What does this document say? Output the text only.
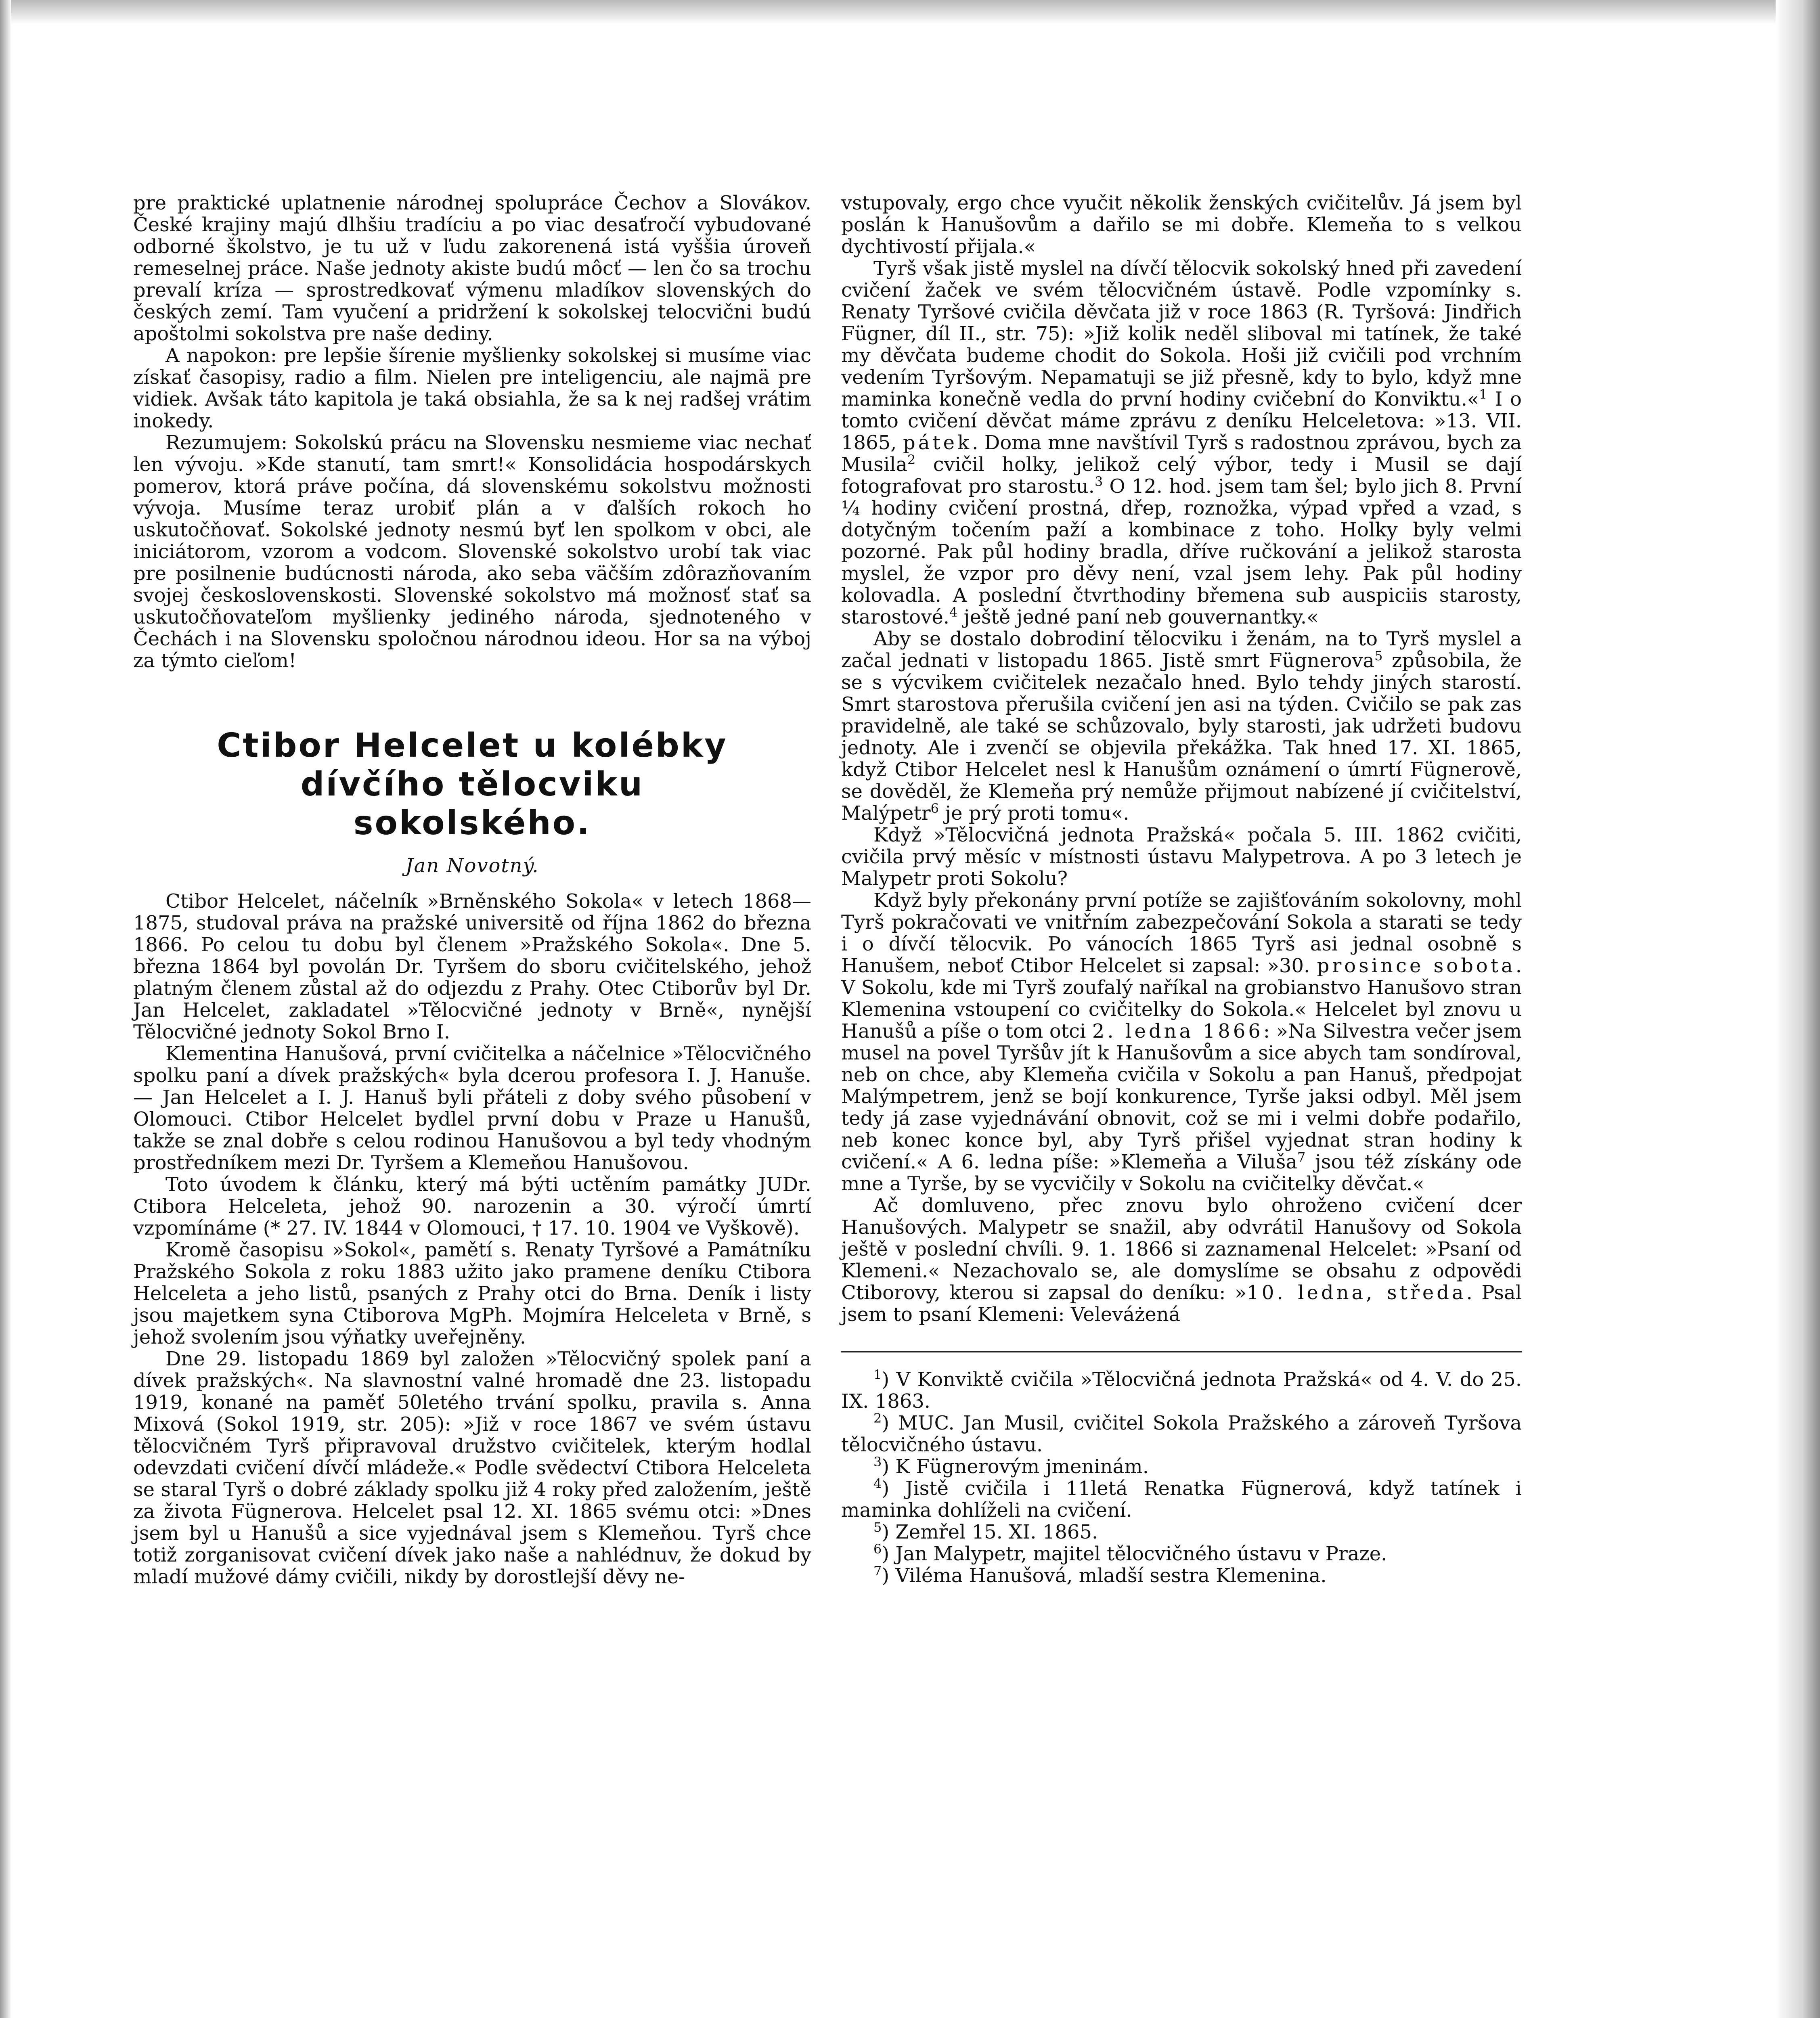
pre praktické uplatnenie národnej spolupráce Čechov a Slovákov. České krajiny majú dlhšiu tradíciu a po viac desaťročí vybudované odborné školstvo, je tu už v ľudu zakorenená istá vyššia úroveň remeselnej práce. Naše jednoty akiste budú môcť — len čo sa trochu prevalí kríza — sprostredkovať výmenu mladíkov slovenských do českých zemí. Tam vyučení a pridržení k sokolskej telocvični budú apoštolmi sokolstva pre naše dediny.

A napokon: pre lepšie šírenie myšlienky sokolskej si musíme viac získať časopisy, radio a film. Nielen pre inteligenciu, ale najmä pre vidiek. Avšak táto kapitola je taká obsiahla, že sa k nej radšej vrátim inokedy.

Rezumujem: Sokolskú prácu na Slovensku nesmieme viac nechať len vývoju. »Kde stanutí, tam smrt!« Konsolidácia hospodárskych pomerov, ktorá práve počína, dá slovenskému sokolstvu možnosti vývoja. Musíme teraz urobiť plán a v ďalších rokoch ho uskutočňovať. Sokolské jednoty nesmú byť len spolkom v obci, ale iniciátorom, vzorom a vodcom. Slovenské sokolstvo urobí tak viac pre posilnenie budúcnosti národa, ako seba väčším zdôrazňovaním svojej československosti. Slovenské sokolstvo má možnosť stať sa uskutočňovateľom myšlienky jediného národa, sjednoteného v Čechách i na Slovensku spoločnou národnou ideou. Hor sa na výboj za týmto cieľom!

Ctibor Helcelet u kolébky
dívčího tělocviku
sokolského.
Jan Novotný.

Ctibor Helcelet, náčelník »Brněnského Sokola« v letech 1868—1875, studoval práva na pražské universitě od října 1862 do března 1866. Po celou tu dobu byl členem »Pražského Sokola«. Dne 5. března 1864 byl povolán Dr. Tyršem do sboru cvičitelského, jehož platným členem zůstal až do odjezdu z Prahy. Otec Ctiborův byl Dr. Jan Helcelet, zakladatel »Tělocvičné jednoty v Brně«, nynější Tělocvičné jednoty Sokol Brno I.

Klementina Hanušová, první cvičitelka a náčelnice »Tělocvičného spolku paní a dívek pražských« byla dcerou profesora I. J. Hanuše. — Jan Helcelet a I. J. Hanuš byli přáteli z doby svého působení v Olomouci. Ctibor Helcelet bydlel první dobu v Praze u Hanušů, takže se znal dobře s celou rodinou Hanušovou a byl tedy vhodným prostředníkem mezi Dr. Tyršem a Klemeňou Hanušovou.

Toto úvodem k článku, který má býti uctěním památky JUDr. Ctibora Helceleta, jehož 90. narozenin a 30. výročí úmrtí vzpomínáme (* 27. IV. 1844 v Olomouci, † 17. 10. 1904 ve Vyškově).

Kromě časopisu »Sokol«, pamětí s. Renaty Tyršové a Památníku Pražského Sokola z roku 1883 užito jako pramene deníku Ctibora Helceleta a jeho listů, psaných z Prahy otci do Brna. Deník i listy jsou majetkem syna Ctiborova MgPh. Mojmíra Helceleta v Brně, s jehož svolením jsou výňatky uveřejněny.

Dne 29. listopadu 1869 byl založen »Tělocvičný spolek paní a dívek pražských«. Na slavnostní valné hromadě dne 23. listopadu 1919, konané na paměť 50letého trvání spolku, pravila s. Anna Mixová (Sokol 1919, str. 205): »Již v roce 1867 ve svém ústavu tělocvičném Tyrš připravoval družstvo cvičitelek, kterým hodlal odevzdati cvičení dívčí mládeže.« Podle svědectví Ctibora Helceleta se staral Tyrš o dobré základy spolku již 4 roky před založením, ještě za života Fügnerova. Helcelet psal 12. XI. 1865 svému otci: »Dnes jsem byl u Hanušů a sice vyjednával jsem s Klemeňou. Tyrš chce totiž zorganisovat cvičení dívek jako naše a nahlédnuv, že dokud by mladí mužové dámy cvičili, nikdy by dorostlejší děvy ne-

vstupovaly, ergo chce vyučit několik ženských cvičitelův. Já jsem byl poslán k Hanušovům a dařilo se mi dobře. Klemeňa to s velkou dychtivostí přijala.«

Tyrš však jistě myslel na dívčí tělocvik sokolský hned při zavedení cvičení žaček ve svém tělocvičném ústavě. Podle vzpomínky s. Renaty Tyršové cvičila děvčata již v roce 1863 (R. Tyršová: Jindřich Fügner, díl II., str. 75): »Již kolik neděl sliboval mi tatínek, že také my děvčata budeme chodit do Sokola. Hoši již cvičili pod vrchním vedením Tyršovým. Nepamatuji se již přesně, kdy to bylo, když mne maminka konečně vedla do první hodiny cvičební do Konviktu.«$^1$ I o tomto cvičení děvčat máme zprávu z deníku Helceletova: »13. VII. 1865, pátek. Doma mne navštívil Tyrš s radostnou zprávou, bych za Musila$^2$ cvičil holky, jelikož celý výbor, tedy i Musil se dají fotografovat pro starostu.$^3$ O 12. hod. jsem tam šel; bylo jich 8. První ¼ hodiny cvičení prostná, dřep, roznožka, výpad vpřed a vzad, s dotyčným točením paží a kombinace z toho. Holky byly velmi pozorné. Pak půl hodiny bradla, dříve ručkování a jelikož starosta myslel, že vzpor pro děvy není, vzal jsem lehy. Pak půl hodiny kolovadla. A poslední čtvrthodiny břemena sub auspiciis starosty, starostové.$^4$ ještě jedné paní neb gouvernantky.«

Aby se dostalo dobrodiní tělocviku i ženám, na to Tyrš myslel a začal jednati v listopadu 1865. Jistě smrt Fügnerova$^5$ způsobila, že se s výcvikem cvičitelek nezačalo hned. Bylo tehdy jiných starostí. Smrt starostova přerušila cvičení jen asi na týden. Cvičilo se pak zas pravidelně, ale také se schůzovalo, byly starosti, jak udržeti budovu jednoty. Ale i zvenčí se objevila překážka. Tak hned 17. XI. 1865, když Ctibor Helcelet nesl k Hanušům oznámení o úmrtí Fügnerově, se dověděl, že Klemeňa prý nemůže přijmout nabízené jí cvičitelství, Malýpetr$^6$ je prý proti tomu«.

Když »Tělocvičná jednota Pražská« počala 5. III. 1862 cvičiti, cvičila prvý měsíc v místnosti ústavu Malypetrova. A po 3 letech je Malypetr proti Sokolu?

Když byly překonány první potíže se zajišťováním sokolovny, mohl Tyrš pokračovati ve vnitřním zabezpečování Sokola a starati se tedy i o dívčí tělocvik. Po vánocích 1865 Tyrš asi jednal osobně s Hanušem, neboť Ctibor Helcelet si zapsal: »30. prosince sobota. V Sokolu, kde mi Tyrš zoufalý naříkal na grobianstvo Hanušovo stran Klemenina vstoupení co cvičitelky do Sokola.« Helcelet byl znovu u Hanušů a píše o tom otci 2. ledna 1866: »Na Silvestra večer jsem musel na povel Tyršův jít k Hanušovům a sice abych tam sondíroval, neb on chce, aby Klemeňa cvičila v Sokolu a pan Hanuš, předpojat Malýmpetrem, jenž se bojí konkurence, Tyršе jaksi odbyl. Měl jsem tedy já zase vyjednávání obnovit, což se mi i velmi dobře podařilo, neb konec konce byl, aby Tyrš přišel vyjednat stran hodiny k cvičení.« A 6. ledna píše: »Klemeňa a Viluša$^7$ jsou též získány ode mne a Tyrše, by se vycvičily v Sokolu na cvičitelky děvčat.«

Ač domluveno, přec znovu bylo ohroženo cvičení dcer Hanušových. Malypetr se snažil, aby odvrátil Hanušovy od Sokola ještě v poslední chvíli. 9. 1. 1866 si zaznamenal Helcelet: »Psaní od Klemeni.« Nezachovalo se, ale domyslíme se obsahu z odpovědi Ctiborovy, kterou si zapsal do deníku: »10. ledna, středa. Psal jsem to psaní Klemeni: Veleváżená

$^1$) V Konviktě cvičila »Tělocvičná jednota Pražská« od 4. V. do 25. IX. 1863.

$^2$) MUC. Jan Musil, cvičitel Sokola Pražského a zároveň Tyršova tělocvičného ústavu.

$^3$) K Fügnerovým jmeninám.

$^4$) Jistě cvičila i 11letá Renatka Fügnerová, když tatínek i maminka dohlíželi na cvičení.

$^5$) Zemřel 15. XI. 1865.

$^6$) Jan Malypetr, majitel tělocvičného ústavu v Praze.

$^7$) Viléma Hanušová, mladší sestra Klemenina.
